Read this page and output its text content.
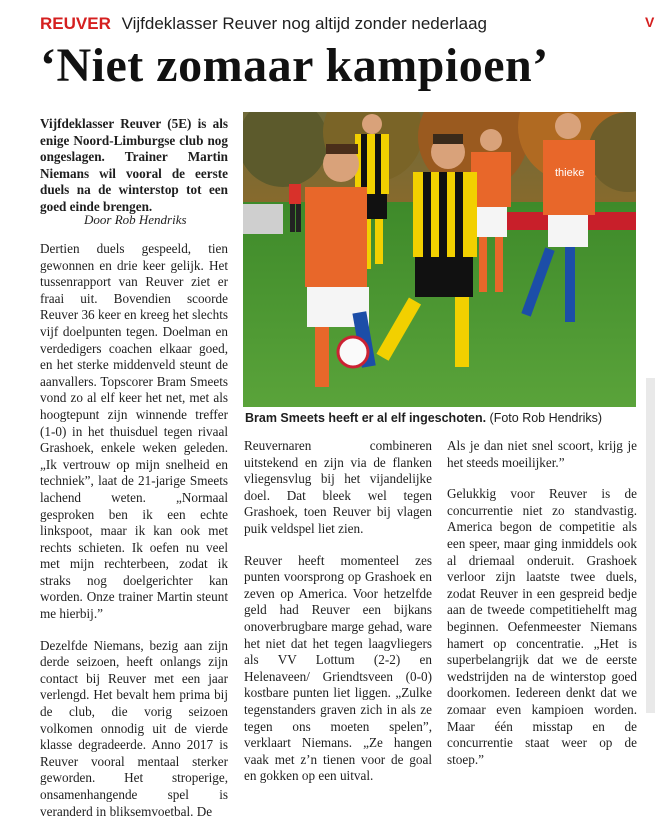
REUVER Vijfdeklasser Reuver nog altijd zonder nederlaag
‘Niet zomaar kampioen’
Vijfdeklasser Reuver (5E) is als enige Noord-Limburgse club nog ongeslagen. Trainer Martin Niemans wil vooral de eerste duels na de winterstop tot een goed einde brengen.
Door Rob Hendriks

Dertien duels gespeeld, tien gewonnen en drie keer gelijk. Het tussenrapport van Reuver ziet er fraai uit. Bovendien scoorde Reuver 36 keer en kreeg het slechts vijf doelpunten tegen. Doelman en verdedigers coachen elkaar goed, en het sterke middenveld steunt de aanvallers. Topscorer Bram Smeets vond zo al elf keer het net, met als hoogtepunt zijn winnende treffer (1-0) in het thuisduel tegen rivaal Grashoek, enkele weken geleden. „Ik vertrouw op mijn snelheid en techniek”, laat de 21-jarige Smeets lachend weten. „Normaal gesproken ben ik een echte linkspoot, maar ik kan ook met rechts schieten. Ik oefen nu veel met mijn rechterbeen, zodat ik straks nog doelgerichter kan worden. Onze trainer Martin steunt me hierbij.”

Dezelfde Niemans, bezig aan zijn derde seizoen, heeft onlangs zijn contact bij Reuver met een jaar verlengd. Het bevalt hem prima bij de club, die vorig seizoen volkomen onnodig uit de vierde klasse degradeerde. Anno 2017 is Reuver vooral mentaal sterker geworden. Het stroperige, onsamenhangende spel is veranderd in bliksemvoetbal. De

thieke
Bram Smeets heeft er al elf ingeschoten. (Foto Rob Hendriks)

Reuvernaren combineren uitstekend en zijn via de flanken vliegensvlug bij het vijandelijke doel. Dat bleek wel tegen Grashoek, toen Reuver bij vlagen puik veldspel liet zien.

Reuver heeft momenteel zes punten voorsprong op Grashoek en zeven op America. Voor hetzelfde geld had Reuver een bijkans onoverbrugbare marge gehad, ware het niet dat het tegen laagvliegers als VV Lottum (2-2) en Helenaveen/ Griendtsveen (0-0) kostbare punten liet liggen. „Zulke tegenstanders graven zich in als ze tegen ons moeten spelen”, verklaart Niemans. „Ze hangen vaak met z’n tienen voor de goal en gokken op een uitval.

Als je dan niet snel scoort, krijg je het steeds moeilijker.”

Gelukkig voor Reuver is de concurrentie niet zo standvastig. America begon de competitie als een speer, maar ging inmiddels ook al driemaal onderuit. Grashoek verloor zijn laatste twee duels, zodat Reuver in een gespreid bedje aan de tweede competitiehelft mag beginnen. Oefenmeester Niemans hamert op concentratie. „Het is superbelangrijk dat we de eerste wedstrijden na de winterstop goed doorkomen. Iedereen denkt dat we zomaar even kampioen worden. Maar één misstap en de concurrentie staat weer op de stoep.”

V
